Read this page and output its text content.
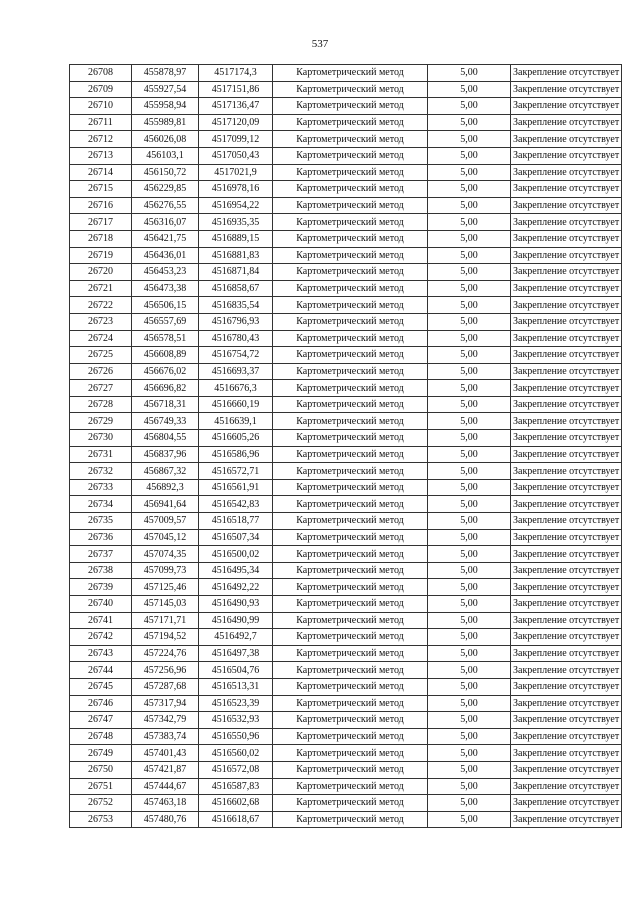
537
26708	455878,97	4517174,3	Картометрический метод	5,00	Закрепление отсутствует
26709	455927,54	4517151,86	Картометрический метод	5,00	Закрепление отсутствует
26710	455958,94	4517136,47	Картометрический метод	5,00	Закрепление отсутствует
26711	455989,81	4517120,09	Картометрический метод	5,00	Закрепление отсутствует
26712	456026,08	4517099,12	Картометрический метод	5,00	Закрепление отсутствует
26713	456103,1	4517050,43	Картометрический метод	5,00	Закрепление отсутствует
26714	456150,72	4517021,9	Картометрический метод	5,00	Закрепление отсутствует
26715	456229,85	4516978,16	Картометрический метод	5,00	Закрепление отсутствует
26716	456276,55	4516954,22	Картометрический метод	5,00	Закрепление отсутствует
26717	456316,07	4516935,35	Картометрический метод	5,00	Закрепление отсутствует
26718	456421,75	4516889,15	Картометрический метод	5,00	Закрепление отсутствует
26719	456436,01	4516881,83	Картометрический метод	5,00	Закрепление отсутствует
26720	456453,23	4516871,84	Картометрический метод	5,00	Закрепление отсутствует
26721	456473,38	4516858,67	Картометрический метод	5,00	Закрепление отсутствует
26722	456506,15	4516835,54	Картометрический метод	5,00	Закрепление отсутствует
26723	456557,69	4516796,93	Картометрический метод	5,00	Закрепление отсутствует
26724	456578,51	4516780,43	Картометрический метод	5,00	Закрепление отсутствует
26725	456608,89	4516754,72	Картометрический метод	5,00	Закрепление отсутствует
26726	456676,02	4516693,37	Картометрический метод	5,00	Закрепление отсутствует
26727	456696,82	4516676,3	Картометрический метод	5,00	Закрепление отсутствует
26728	456718,31	4516660,19	Картометрический метод	5,00	Закрепление отсутствует
26729	456749,33	4516639,1	Картометрический метод	5,00	Закрепление отсутствует
26730	456804,55	4516605,26	Картометрический метод	5,00	Закрепление отсутствует
26731	456837,96	4516586,96	Картометрический метод	5,00	Закрепление отсутствует
26732	456867,32	4516572,71	Картометрический метод	5,00	Закрепление отсутствует
26733	456892,3	4516561,91	Картометрический метод	5,00	Закрепление отсутствует
26734	456941,64	4516542,83	Картометрический метод	5,00	Закрепление отсутствует
26735	457009,57	4516518,77	Картометрический метод	5,00	Закрепление отсутствует
26736	457045,12	4516507,34	Картометрический метод	5,00	Закрепление отсутствует
26737	457074,35	4516500,02	Картометрический метод	5,00	Закрепление отсутствует
26738	457099,73	4516495,34	Картометрический метод	5,00	Закрепление отсутствует
26739	457125,46	4516492,22	Картометрический метод	5,00	Закрепление отсутствует
26740	457145,03	4516490,93	Картометрический метод	5,00	Закрепление отсутствует
26741	457171,71	4516490,99	Картометрический метод	5,00	Закрепление отсутствует
26742	457194,52	4516492,7	Картометрический метод	5,00	Закрепление отсутствует
26743	457224,76	4516497,38	Картометрический метод	5,00	Закрепление отсутствует
26744	457256,96	4516504,76	Картометрический метод	5,00	Закрепление отсутствует
26745	457287,68	4516513,31	Картометрический метод	5,00	Закрепление отсутствует
26746	457317,94	4516523,39	Картометрический метод	5,00	Закрепление отсутствует
26747	457342,79	4516532,93	Картометрический метод	5,00	Закрепление отсутствует
26748	457383,74	4516550,96	Картометрический метод	5,00	Закрепление отсутствует
26749	457401,43	4516560,02	Картометрический метод	5,00	Закрепление отсутствует
26750	457421,87	4516572,08	Картометрический метод	5,00	Закрепление отсутствует
26751	457444,67	4516587,83	Картометрический метод	5,00	Закрепление отсутствует
26752	457463,18	4516602,68	Картометрический метод	5,00	Закрепление отсутствует
26753	457480,76	4516618,67	Картометрический метод	5,00	Закрепление отсутствует
